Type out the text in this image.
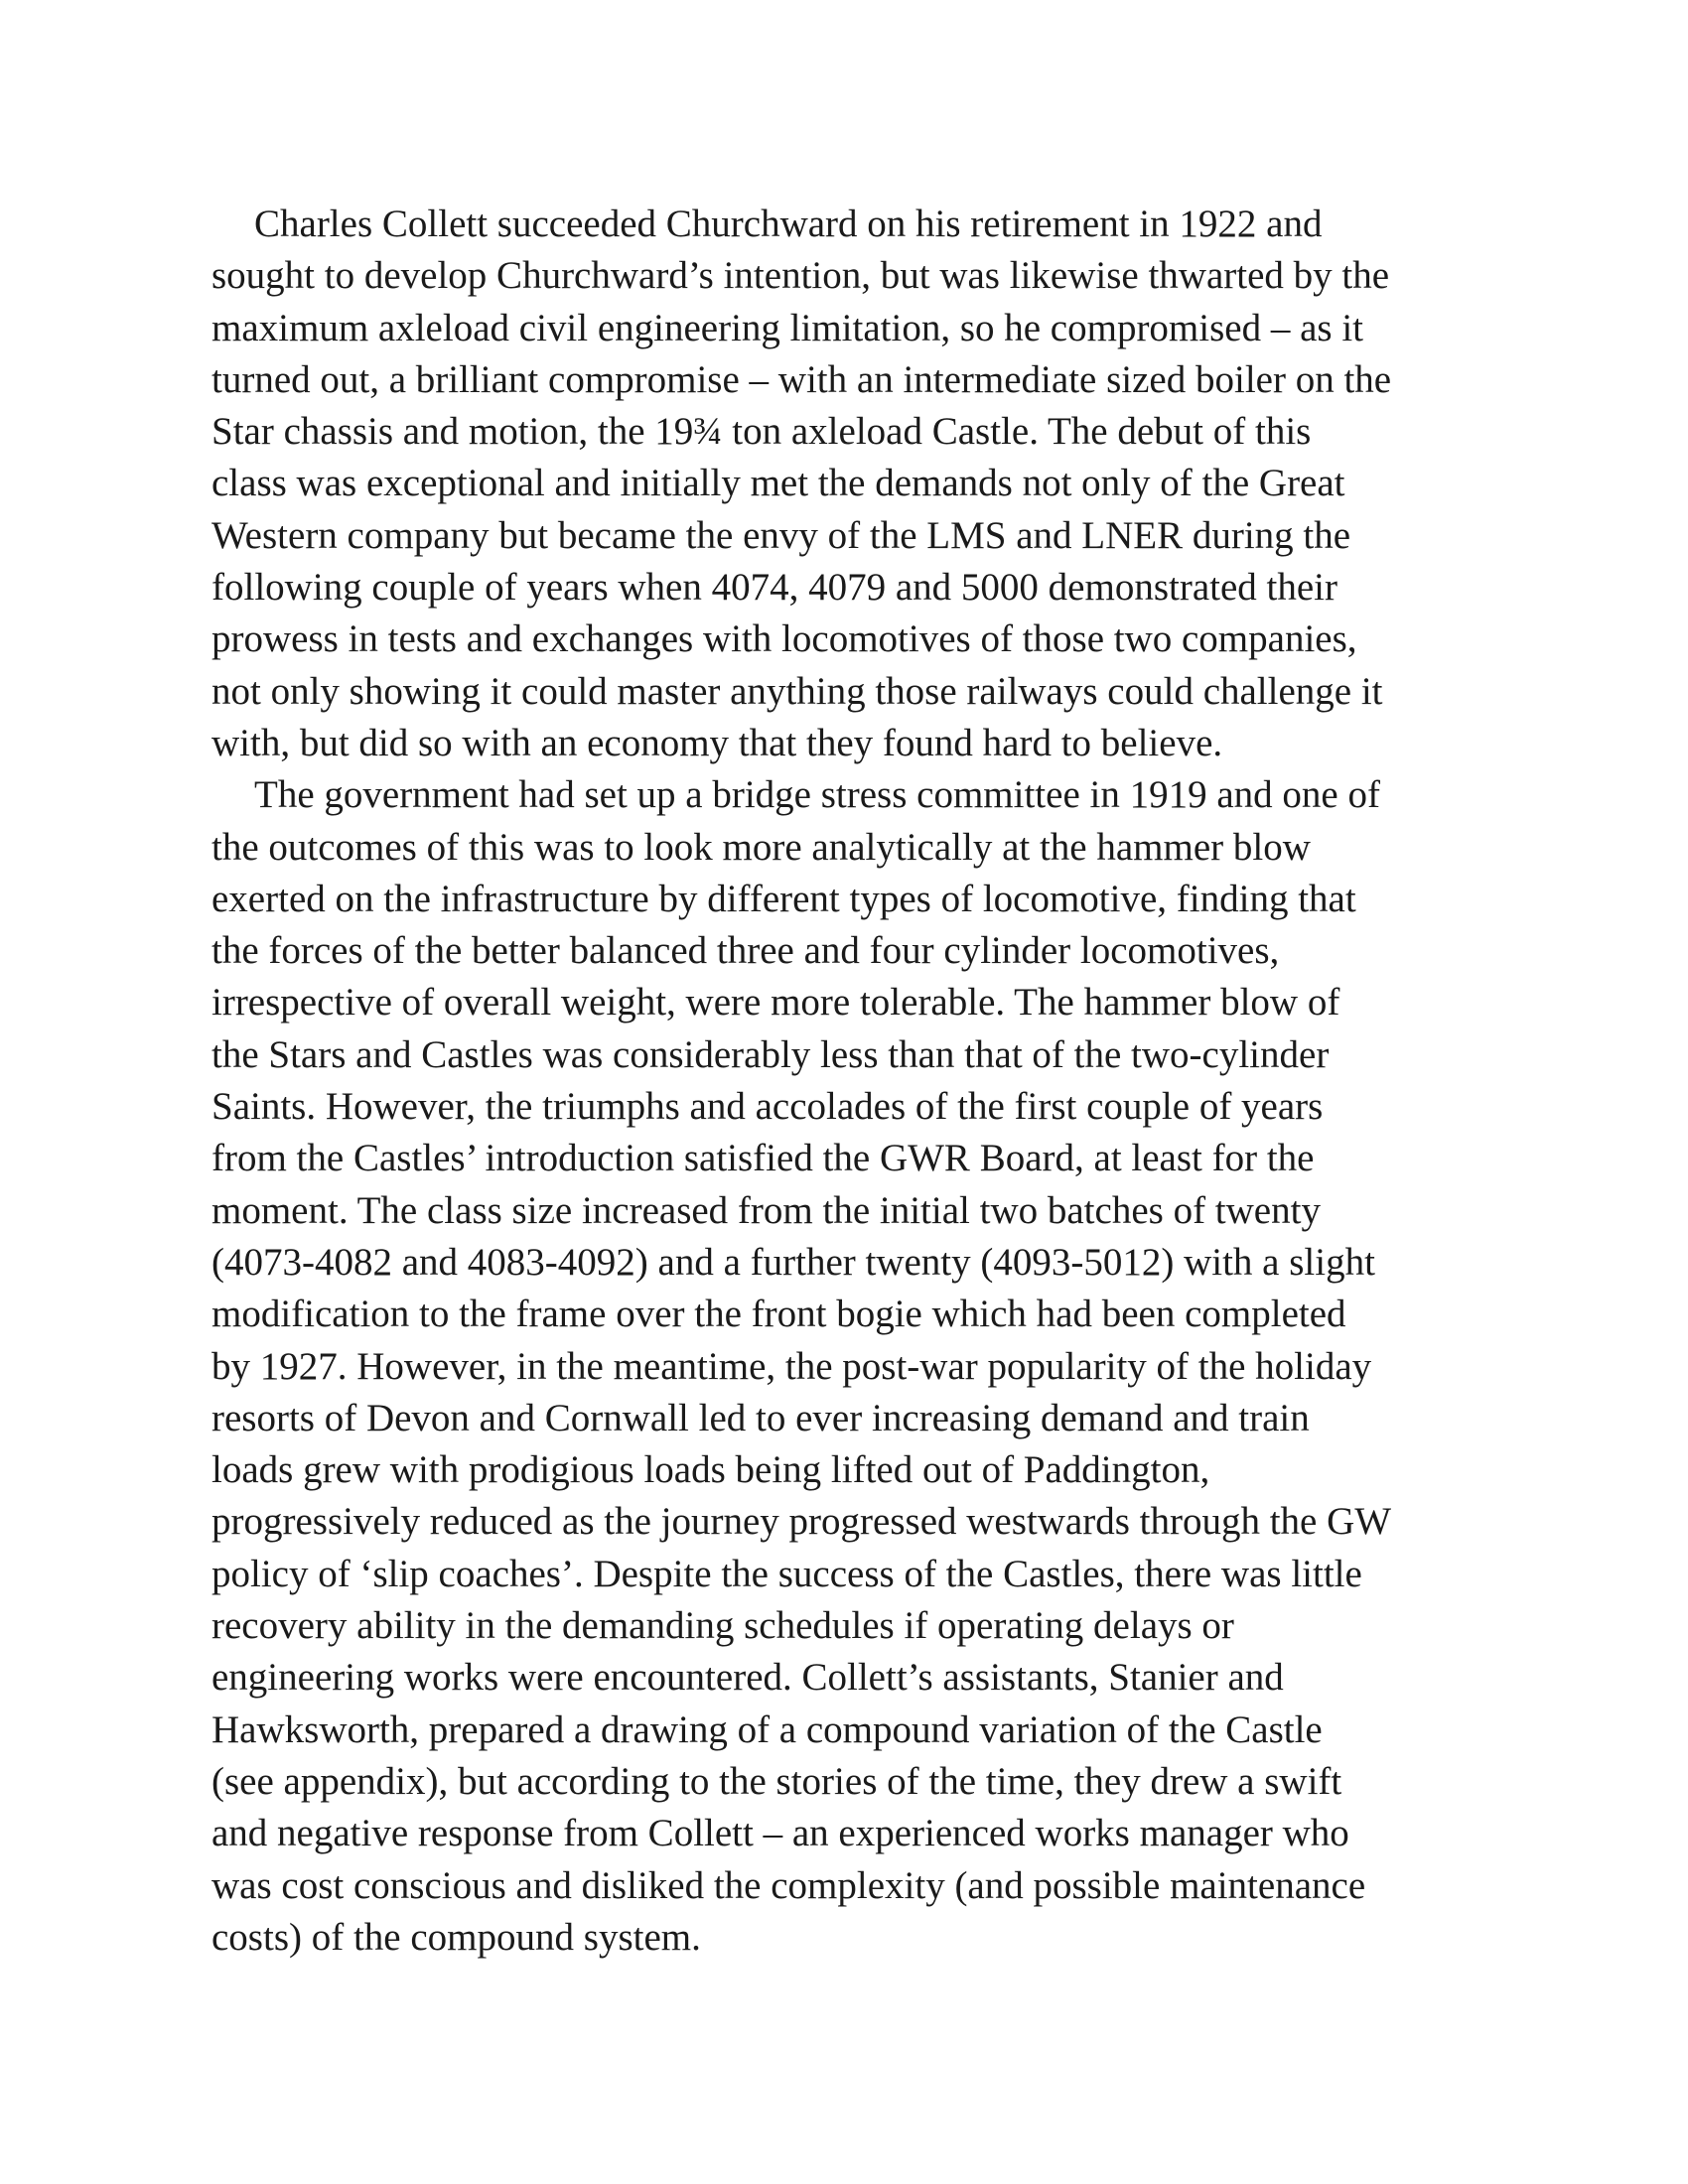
Charles Collett succeeded Churchward on his retirement in 1922 and
sought to develop Churchward’s intention, but was likewise thwarted by the
maximum axleload civil engineering limitation, so he compromised – as it
turned out, a brilliant compromise – with an intermediate sized boiler on the
Star chassis and motion, the 19¾ ton axleload Castle. The debut of this
class was exceptional and initially met the demands not only of the Great
Western company but became the envy of the LMS and LNER during the
following couple of years when 4074, 4079 and 5000 demonstrated their
prowess in tests and exchanges with locomotives of those two companies,
not only showing it could master anything those railways could challenge it
with, but did so with an economy that they found hard to believe.
The government had set up a bridge stress committee in 1919 and one of
the outcomes of this was to look more analytically at the hammer blow
exerted on the infrastructure by different types of locomotive, finding that
the forces of the better balanced three and four cylinder locomotives,
irrespective of overall weight, were more tolerable. The hammer blow of
the Stars and Castles was considerably less than that of the two-cylinder
Saints. However, the triumphs and accolades of the first couple of years
from the Castles’ introduction satisfied the GWR Board, at least for the
moment. The class size increased from the initial two batches of twenty
(4073-4082 and 4083-4092) and a further twenty (4093-5012) with a slight
modification to the frame over the front bogie which had been completed
by 1927. However, in the meantime, the post-war popularity of the holiday
resorts of Devon and Cornwall led to ever increasing demand and train
loads grew with prodigious loads being lifted out of Paddington,
progressively reduced as the journey progressed westwards through the GW
policy of ‘slip coaches’. Despite the success of the Castles, there was little
recovery ability in the demanding schedules if operating delays or
engineering works were encountered. Collett’s assistants, Stanier and
Hawksworth, prepared a drawing of a compound variation of the Castle
(see appendix), but according to the stories of the time, they drew a swift
and negative response from Collett – an experienced works manager who
was cost conscious and disliked the complexity (and possible maintenance
costs) of the compound system.
